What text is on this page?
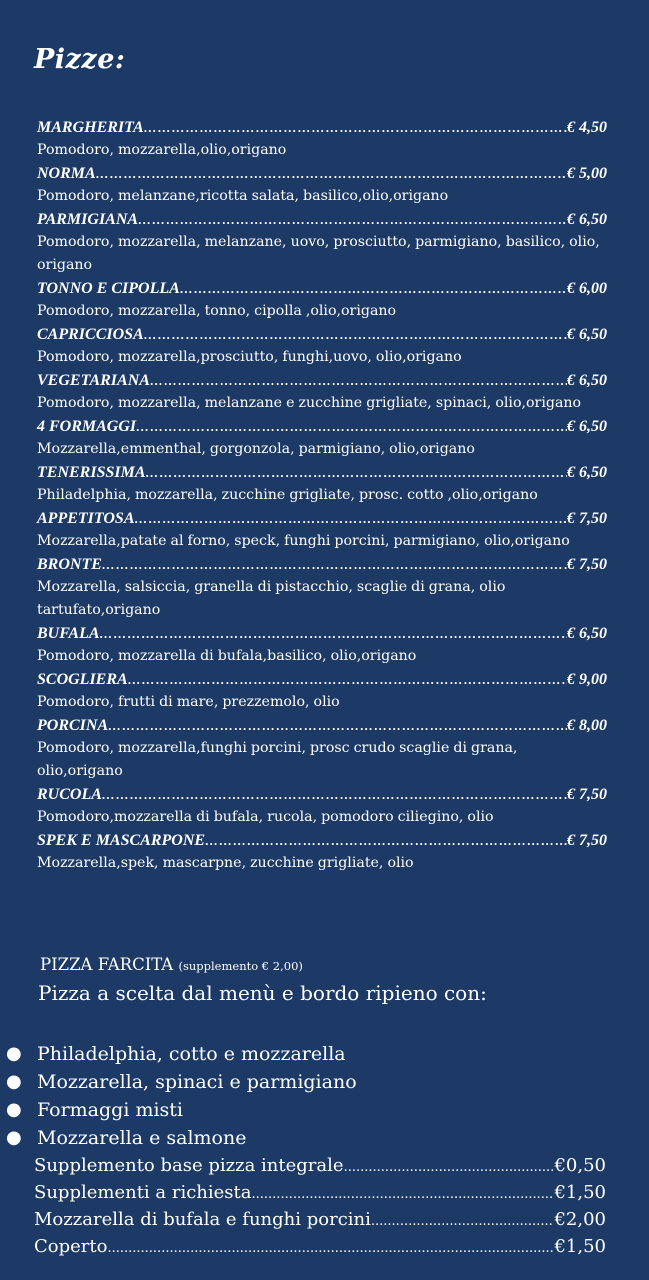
Pizze:
MARGHERITA ……………………………………………………………………………………………………………………………………………………………………………	€ 4,50
Pomodoro, mozzarella,olio,origano
NORMA ……………………………………………………………………………………………………………………………………………………………………………	€ 5,00
Pomodoro, melanzane,ricotta salata, basilico,olio,origano
PARMIGIANA ……………………………………………………………………………………………………………………………………………………………………………	€ 6,50
Pomodoro, mozzarella, melanzane, uovo, prosciutto, parmigiano, basilico, olio, origano
TONNO E CIPOLLA ……………………………………………………………………………………………………………………………………………………………………………	€ 6,00
Pomodoro, mozzarella, tonno, cipolla ,olio,origano
CAPRICCIOSA ……………………………………………………………………………………………………………………………………………………………………………	€ 6,50
Pomodoro, mozzarella,prosciutto, funghi,uovo, olio,origano
VEGETARIANA ……………………………………………………………………………………………………………………………………………………………………………	€ 6,50
Pomodoro, mozzarella, melanzane e zucchine grigliate, spinaci, olio,origano
4 FORMAGGI ……………………………………………………………………………………………………………………………………………………………………………	€ 6,50
Mozzarella,emmenthal, gorgonzola, parmigiano, olio,origano
TENERISSIMA ……………………………………………………………………………………………………………………………………………………………………………	€ 6,50
Philadelphia, mozzarella, zucchine grigliate, prosc. cotto ,olio,origano
APPETITOSA ……………………………………………………………………………………………………………………………………………………………………………	€ 7,50
Mozzarella,patate al forno, speck, funghi porcini, parmigiano, olio,origano
BRONTE ……………………………………………………………………………………………………………………………………………………………………………	€ 7,50
Mozzarella, salsiccia, granella di pistacchio, scaglie di grana, olio tartufato,origano
BUFALA ……………………………………………………………………………………………………………………………………………………………………………	€ 6,50
Pomodoro, mozzarella di bufala,basilico, olio,origano
SCOGLIERA ……………………………………………………………………………………………………………………………………………………………………………	€ 9,00
Pomodoro, frutti di mare, prezzemolo, olio
PORCINA ……………………………………………………………………………………………………………………………………………………………………………	€ 8,00
Pomodoro, mozzarella,funghi porcini, prosc crudo scaglie di grana, olio,origano
RUCOLA ……………………………………………………………………………………………………………………………………………………………………………	€ 7,50
Pomodoro,mozzarella di bufala, rucola, pomodoro ciliegino, olio
SPEK E MASCARPONE ……………………………………………………………………………………………………………………………………………………………………………	€ 7,50
Mozzarella,spek, mascarpne, zucchine grigliate, olio
PIZZA FARCITA (supplemento € 2,00)
Pizza a scelta dal menù e bordo ripieno con:
● Philadelphia, cotto e mozzarella
● Mozzarella, spinaci e parmigiano
● Formaggi misti
● Mozzarella e salmone
Supplemento base pizza integrale .....	€0,50
Supplementi a richiesta .....	€1,50
Mozzarella di bufala e funghi porcini .....	€2,00
Coperto .....	€1,50
